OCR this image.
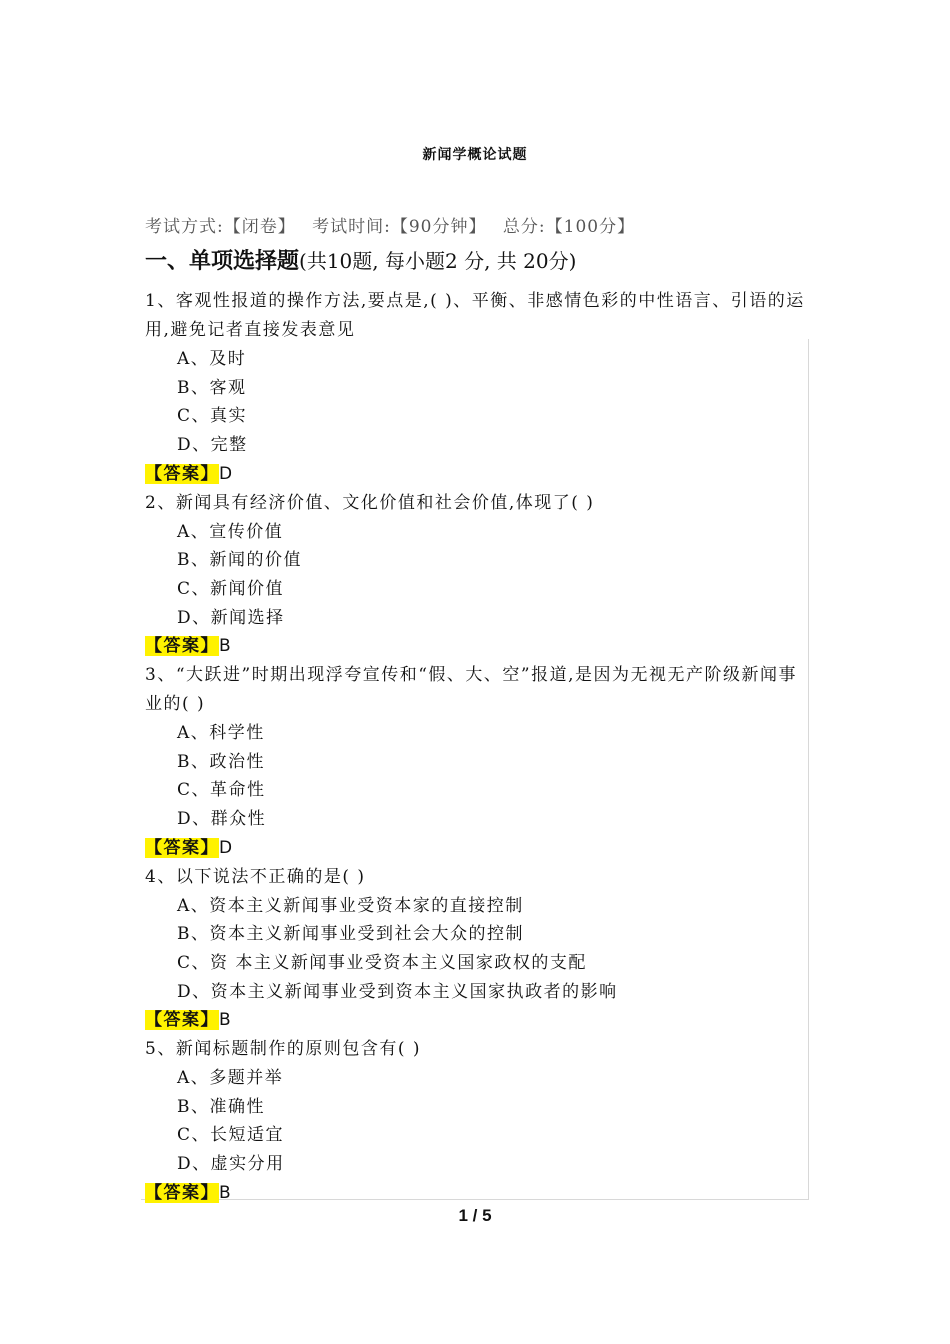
新闻学概论试题
考试方式:【闭卷】 考试时间:【90分钟】 总分:【100分】
一、单项选择题(共10题, 每小题2 分, 共 20分)

1、客观性报道的操作方法,要点是,( )、平衡、非感情色彩的中性语言、引语的运用,避免记者直接发表意见

A、及时

B、客观

C、真实

D、完整

【答案】D

2、新闻具有经济价值、文化价值和社会价值,体现了( )

A、宣传价值

B、新闻的价值

C、新闻价值

D、新闻选择

【答案】B

3、“大跃进”时期出现浮夸宣传和“假、大、空”报道,是因为无视无产阶级新闻事业的( )

A、科学性

B、政治性

C、革命性

D、群众性

【答案】D

4、以下说法不正确的是( )

A、资本主义新闻事业受资本家的直接控制

B、资本主义新闻事业受到社会大众的控制

C、资 本主义新闻事业受资本主义国家政权的支配

D、资本主义新闻事业受到资本主义国家执政者的影响

【答案】B

5、新闻标题制作的原则包含有( )

A、多题并举

B、准确性

C、长短适宜

D、虚实分用

【答案】B

1 / 5
